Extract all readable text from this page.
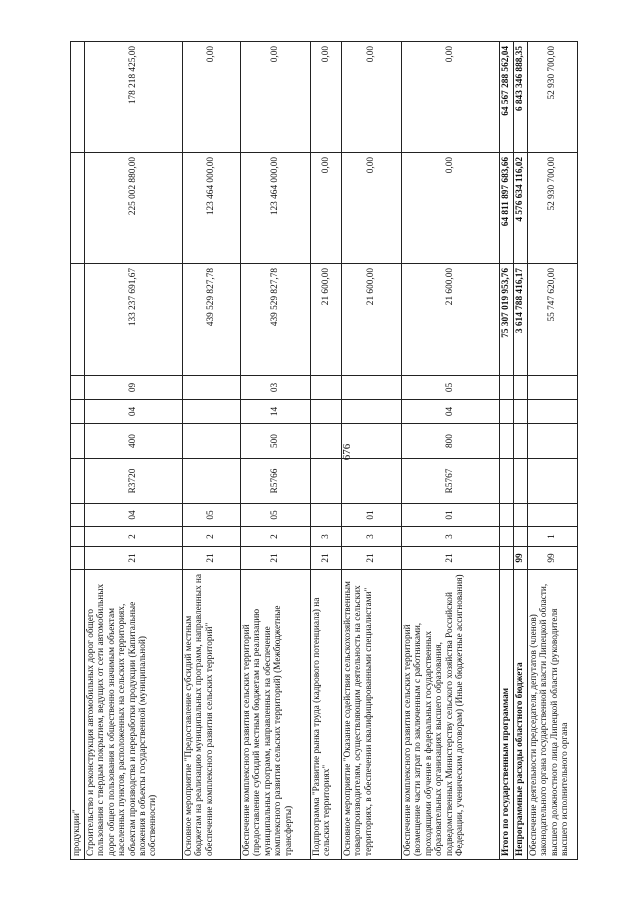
676
продукции"										
Строительство и реконструкция автомобильных дорог общего пользования с твердым покрытием, ведущих от сети автомобильных дорог общего пользования к общественно значимым объектам населенных пунктов, расположенных на сельских территориях, объектам производства и переработки продукции (Капитальные вложения в объекты государственной (муниципальной) собственности)	21	2	04	R3720	400	04	09	133 237 691,67	225 002 880,00	178 218 425,00
Основное мероприятие "Предоставление субсидий местным бюджетам на реализацию муниципальных программ, направленных на обеспечение комплексного развития сельских территорий"	21	2	05					439 529 827,78	123 464 000,00	0,00
Обеспечение комплексного развития сельских территорий (предоставление субсидий местным бюджетам на реализацию муниципальных программ, направленных на обеспечение комплексного развития сельских территорий) (Межбюджетные трансферты)	21	2	05	R5766	500	14	03	439 529 827,78	123 464 000,00	0,00
Подпрограмма "Развитие рынка труда (кадрового потенциала) на сельских территориях"	21	3						21 600,00	0,00	0,00
Основное мероприятие "Оказание содействия сельскохозяйственным товаропроизводителям, осуществляющим деятельность на сельских территориях, в обеспечении квалифицированными специалистами"	21	3	01					21 600,00	0,00	0,00
Обеспечение комплексного развития сельских территорий (возмещение части затрат по заключенным с работниками, проходящими обучение в федеральных государственных образовательных организациях высшего образования, подведомственных Министерству сельского хозяйства Российской Федерации, ученическим договорам) (Иные бюджетные ассигнования)	21	3	01	R5767	800	04	05	21 600,00	0,00	0,00
Итого по государственным программам								75 307 019 953,76	64 811 897 683,66	64 567 288 562,04
Непрограммные расходы областного бюджета	99							3 614 788 416,17	4 576 634 116,02	6 843 346 888,35
Обеспечение деятельности председателя, депутатов (членов) законодательного органа государственной власти Липецкой области, высшего должностного лица Липецкой области (руководителя высшего исполнительного органа	99	1						55 747 620,00	52 930 700,00	52 930 700,00
